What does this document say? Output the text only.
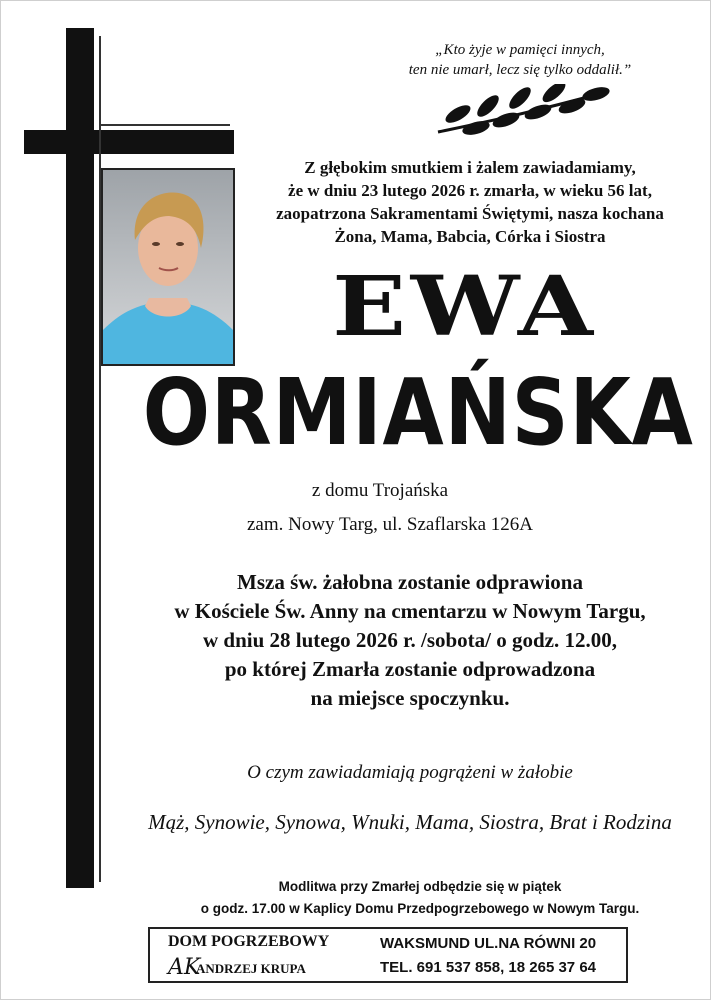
„Kto żyje w pamięci innych,
ten nie umarł, lecz się tylko oddalił.”
Z głębokim smutkiem i żalem zawiadamiamy,
że w dniu 23 lutego 2026 r. zmarła, w wieku 56 lat,
zaopatrzona Sakramentami Świętymi, nasza kochana
Żona, Mama, Babcia, Córka i Siostra
EWA
ORMIAŃSKA
z domu Trojańska
zam. Nowy Targ, ul. Szaflarska 126A
Msza św. żałobna zostanie odprawiona
w Kościele Św. Anny na cmentarzu w Nowym Targu,
w dniu 28 lutego 2026 r. /sobota/ o godz. 12.00,
po której Zmarła zostanie odprowadzona
na miejsce spoczynku.
O czym zawiadamiają pogrążeni w żałobie
Mąż, Synowie, Synowa, Wnuki, Mama, Siostra, Brat i Rodzina
Modlitwa przy Zmarłej odbędzie się w piątek
o godz. 17.00 w Kaplicy Domu Przedpogrzebowego w Nowym Targu.
DOM POGRZEBOWY
AK
ANDRZEJ KRUPA
WAKSMUND UL.NA RÓWNI 20
TEL. 691 537 858, 18 265 37 64
